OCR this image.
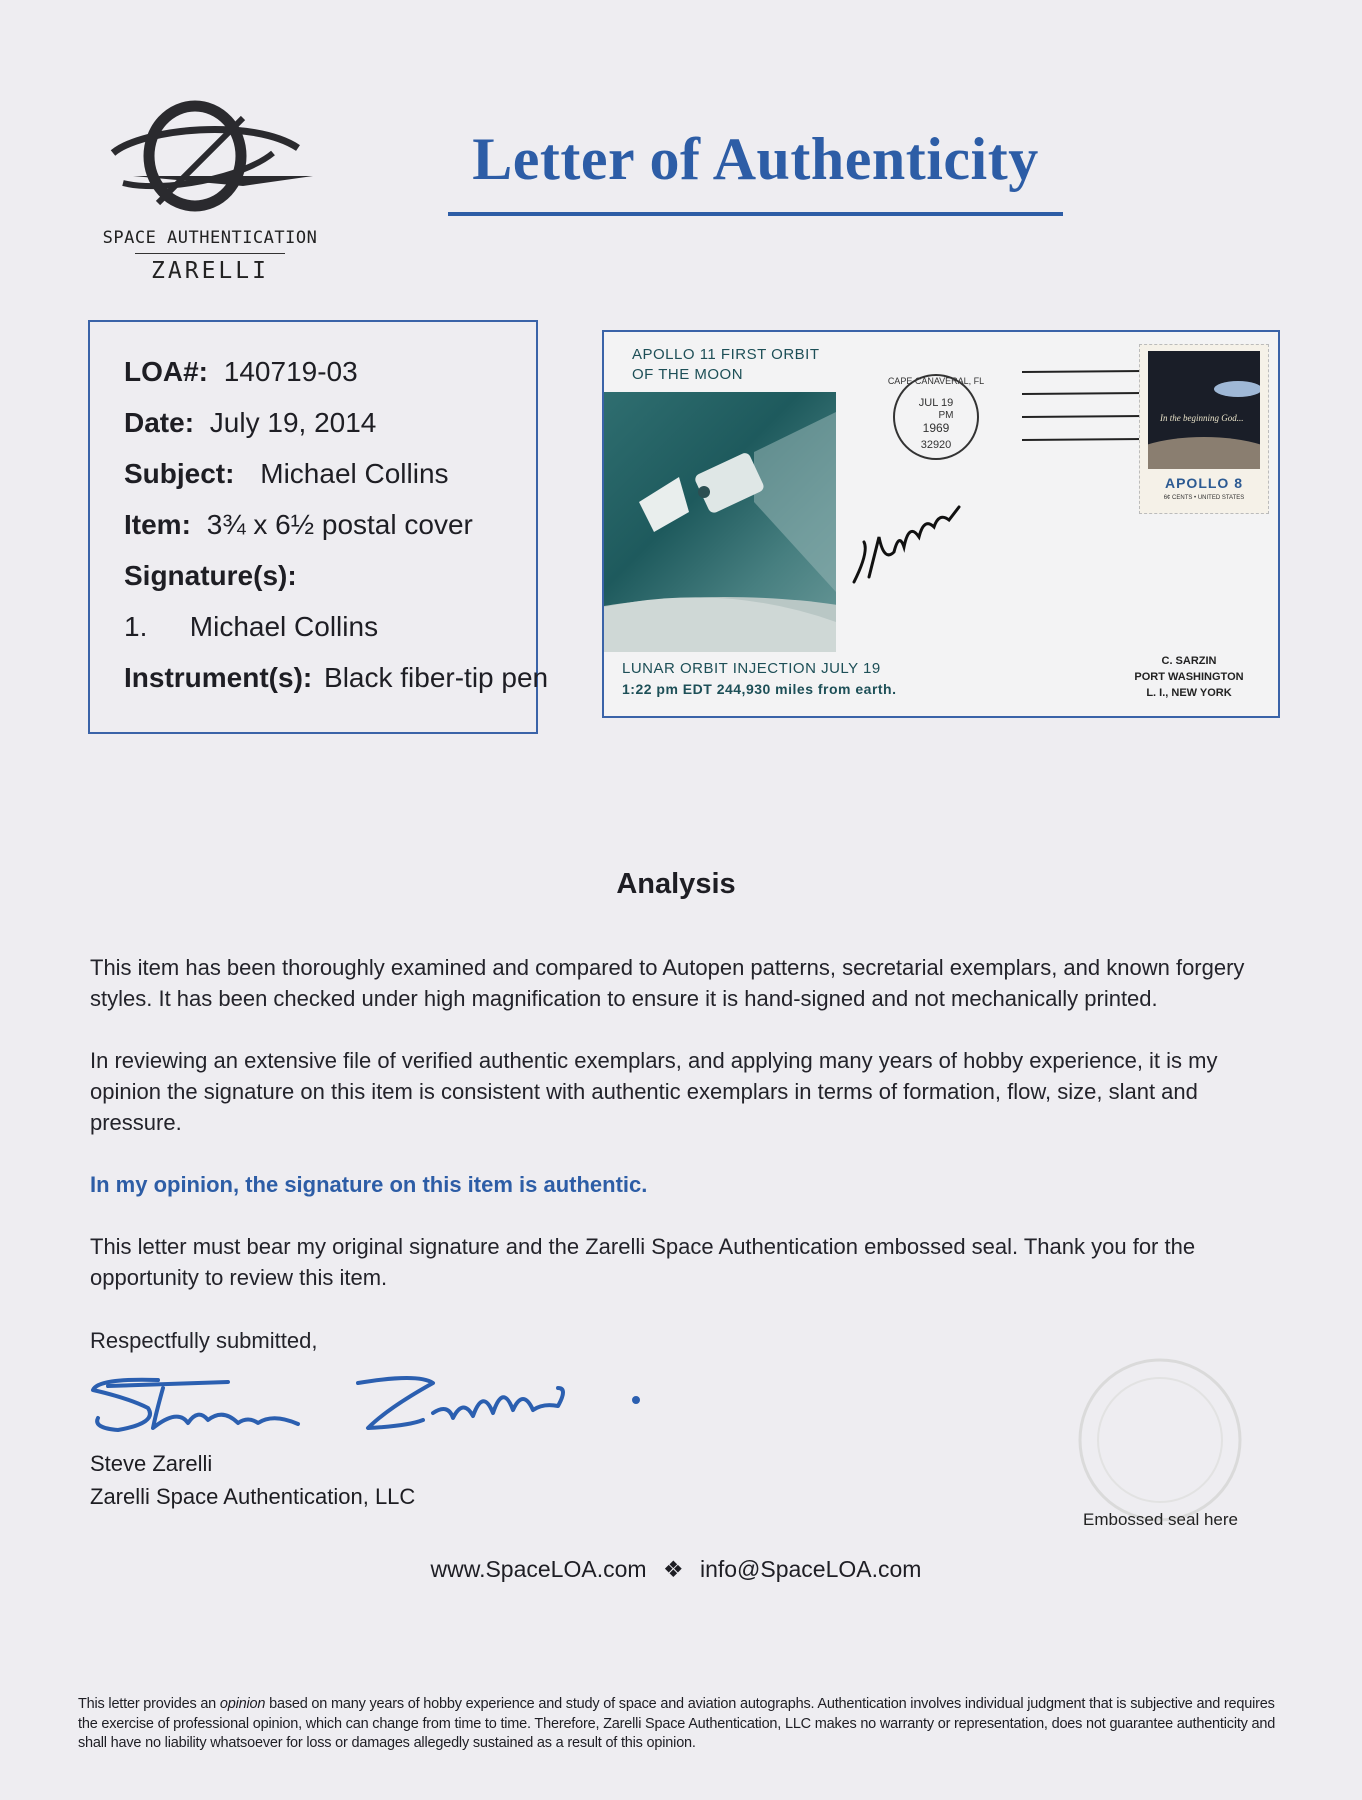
SPACE AUTHENTICATION
ZARELLI
Letter of Authenticity
LOA#: 140719-03
Date: July 19, 2014
Subject: Michael Collins
Item: 3¾ x 6½ postal cover
Signature(s):
1. Michael Collins
Instrument(s): Black fiber-tip pen
APOLLO 11 FIRST ORBIT
OF THE MOON
JUL 19
PM
1969
32920
CAPE CANAVERAL, FL
In the beginning God...
APOLLO 8
6¢ CENTS • UNITED STATES
LUNAR ORBIT INJECTION JULY 19
1:22 pm EDT 244,930 miles from earth.
C. SARZIN
PORT WASHINGTON
L. I., NEW YORK
Analysis
This item has been thoroughly examined and compared to Autopen patterns, secretarial exemplars, and known forgery styles. It has been checked under high magnification to ensure it is hand-signed and not mechanically printed.
In reviewing an extensive file of verified authentic exemplars, and applying many years of hobby experience, it is my opinion the signature on this item is consistent with authentic exemplars in terms of formation, flow, size, slant and pressure.
In my opinion, the signature on this item is authentic.
This letter must bear my original signature and the Zarelli Space Authentication embossed seal. Thank you for the opportunity to review this item.
Respectfully submitted,
Steve Zarelli
Zarelli Space Authentication, LLC
Embossed seal here
www.SpaceLOA.com ❖ info@SpaceLOA.com
This letter provides an opinion based on many years of hobby experience and study of space and aviation autographs. Authentication involves individual judgment that is subjective and requires the exercise of professional opinion, which can change from time to time. Therefore, Zarelli Space Authentication, LLC makes no warranty or representation, does not guarantee authenticity and shall have no liability whatsoever for loss or damages allegedly sustained as a result of this opinion.
